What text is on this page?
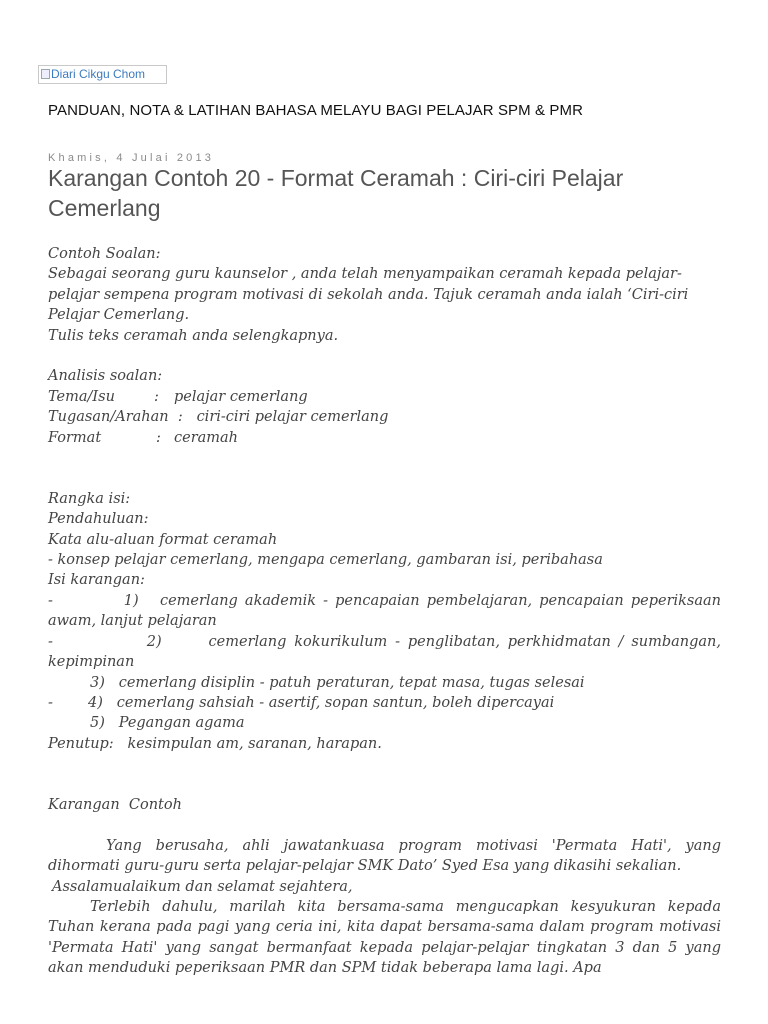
Diari Cikgu Chom
PANDUAN, NOTA & LATIHAN BAHASA MELAYU BAGI PELAJAR SPM & PMR
Khamis, 4 Julai 2013
Karangan Contoh 20 - Format Ceramah : Ciri-ciri Pelajar Cemerlang

Contoh Soalan:

Sebagai seorang guru kaunselor , anda telah menyampaikan ceramah kepada pelajar-pelajar sempena program motivasi di sekolah anda. Tajuk ceramah anda ialah ‘Ciri-ciri Pelajar Cemerlang.

Tulis teks ceramah anda selengkapnya.

Analisis soalan:

Tema/Isu	: pelajar cemerlang

Tugasan/Arahan : ciri-ciri pelajar cemerlang

Format	: ceramah

Rangka isi:

Pendahuluan:

Kata alu-aluan format ceramah

- konsep pelajar cemerlang, mengapa cemerlang, gambaran isi, peribahasa

Isi karangan:

-          1)   cemerlang akademik - pencapaian pembelajaran, pencapaian peperiksaan awam, lanjut pelajaran

-            2)      cemerlang kokurikulum - penglibatan, perkhidmatan / sumbangan, kepimpinan

3)   cemerlang disiplin - patuh peraturan, tepat masa, tugas selesai

- 4)   cemerlang sahsiah - asertif, sopan santun, boleh dipercayai

5)   Pegangan agama

Penutup:   kesimpulan am, saranan, harapan.

Karangan  Contoh

Yang berusaha, ahli jawatankuasa program motivasi 'Permata Hati', yang dihormati guru-guru serta pelajar-pelajar SMK Dato’ Syed Esa yang dikasihi sekalian.

Assalamualaikum dan selamat sejahtera,

Terlebih dahulu, marilah kita bersama-sama mengucapkan kesyukuran kepada Tuhan kerana pada pagi yang ceria ini, kita dapat bersama-sama dalam program motivasi 'Permata Hati' yang sangat bermanfaat kepada pelajar-pelajar tingkatan 3 dan 5 yang akan menduduki peperiksaan PMR dan SPM tidak beberapa lama lagi. Apa
